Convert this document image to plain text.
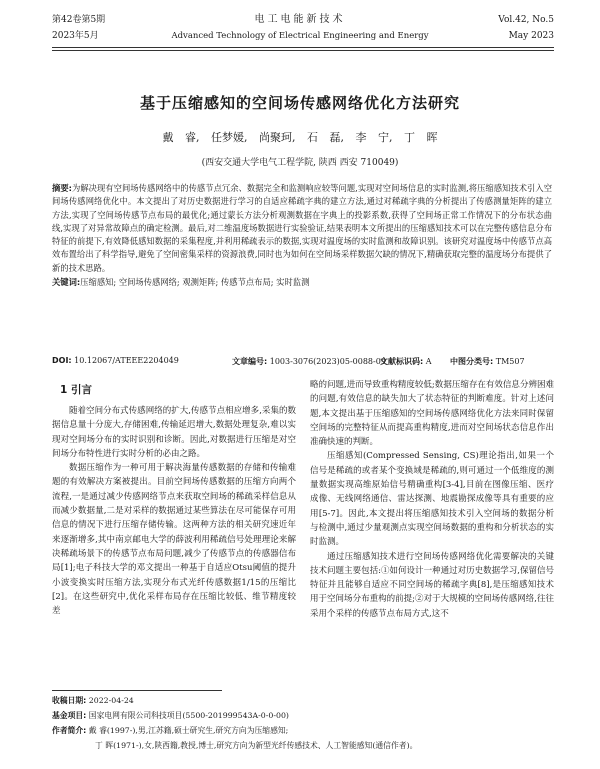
第42卷第5期
2023年5月
电工电能新技术
Advanced Technology of Electrical Engineering and Energy
Vol.42, No.5
May 2023
基于压缩感知的空间场传感网络优化方法研究
戴 睿, 任梦媛, 尚聚珂, 石 磊, 李 宁, 丁 晖
(西安交通大学电气工程学院, 陕西 西安 710049)
摘要:为解决现有空间场传感网络中的传感节点冗余、数据完全和监测响应较等问题,实现对空间场信息的实时监测,将压缩感知技术引入空间场传感网络优化中。本文提出了对历史数据进行学习的自适应稀疏字典的建立方法,通过对稀疏字典的分析提出了传感测量矩阵的建立方法,实现了空间场传感节点布局的最优化;通过蒙长方法分析观测数据在字典上的投影系数,获得了空间场正常工作情况下的分布状态曲线,实现了对异常故障点的确定检测。最后,对二维温度场数据进行实验验证,结果表明本文所提出的压缩感知技术可以在完整传感信息分布特征的前提下,有效降低感知数据的采集程度,并利用稀疏表示的数据,实现对温度场的实时监测和故障识别。该研究对温度场中传感节点高效布置给出了科学指导,避免了空间密集采样的资源浪费,同时也为如何在空间场采样数据欠缺的情况下,精确获取完整的温度场分布提供了新的技术思路。
关键词:压缩感知; 空间场传感网络; 观测矩阵; 传感节点布局; 实时监测
DOI: 10.12067/ATEEE2204049	文章编号: 1003-3076(2023)05-0088-09
文献标识码: A 中图分类号: TM507
1 引言

随着空间分布式传感网络的扩大,传感节点相应增多,采集的数据信息量十分庞大,存储困难,传输延迟增大,数据处理复杂,难以实现对空间场分布的实时识别和诊断。因此,对数据进行压缩是对空间场分布特性进行实时分析的必由之路。

数据压缩作为一种可用于解决海量传感数据的存储和传输难题的有效解决方案被提出。目前空间场传感数据的压缩方向两个流程,一是通过减少传感网络节点来获取空间场的稀疏采样信息从而减少数据量,二是对采样的数据通过某些算法在尽可能保存可用信息的情况下进行压缩存储传输。这两种方法的相关研究速近年来逐渐增多,其中南京邮电大学的薛波利用稀疏信号处理理论来解决稀疏场景下的传感节点布局问题,减少了传感节点的传感器信布局[1];电子科技大学的邓文提出一种基于自适应Otsu阈值的提升小波变换实时压缩方法,实现分布式光纤传感数据1/15的压缩比[2]。在这些研究中,优化采样布局存在压缩比较低、维节精度较差

略的问题,进而导致重构精度较低;数据压缩存在有效信息分辨困难的问题,有效信息的缺失加大了状态特征的判断难度。针对上述问题,本文提出基于压缩感知的空间场传感网络优化方法来同时保留空间场的完整特征从而提高重构精度,进而对空间场状态信息作出准确快速的判断。

压缩感知(Compressed Sensing, CS)理论指出,如果一个信号是稀疏的或者某个变换域是稀疏的,则可通过一个低维度的测量数据实现高维原始信号精确重构[3-4],目前在图像压缩、医疗成像、无线网络通信、雷达探测、地震勘探成像等具有重要的应用[5-7]。因此,本文提出将压缩感知技术引入空间场的数据分析与检测中,通过少量观测点实现空间场数据的重构和分析状态的实时监测。

通过压缩感知技术进行空间场传感网络优化需要解决的关键技术问题主要包括:①如何设计一种通过对历史数据学习,保留信号特征并且能够自适应不同空间场的稀疏字典[8],是压缩感知技术用于空间场分布重构的前提;②对于大规模的空间场传感网络,往往采用个采样的传感节点布局方式,这不

收稿日期: 2022-04-24
基金项目: 国家电网有限公司科技项目(5500-201999543A-0-0-00)
作者简介: 戴 睿(1997-),男,江苏籍,硕士研究生,研究方向为压缩感知;
丁 晖(1971-),女,陕西籍,教授,博士,研究方向为新型光纤传感技术、人工智能感知(通信作者)。
